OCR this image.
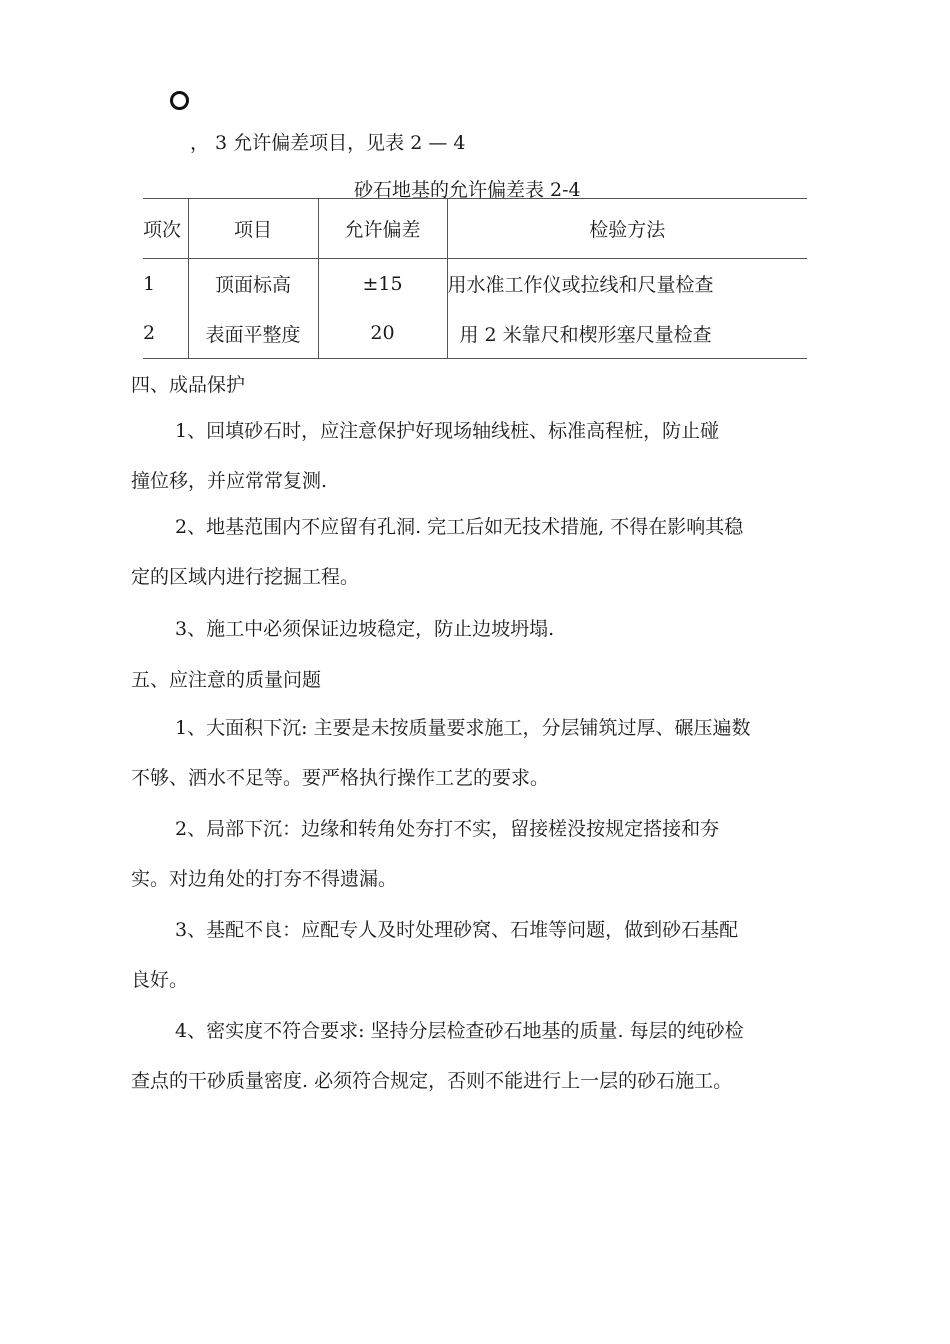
， 3 允许偏差项目，见表 2 — 4
砂石地基的允许偏差表 2-4
项次	项目	允许偏差	检验方法
1	顶面标高	±15	用水准工作仪或拉线和尺量检查
2	表面平整度	20	用 2 米靠尺和楔形塞尺量检查
四、成品保护
1、回填砂石时，应注意保护好现场轴线桩、标准高程桩，防止碰
撞位移，并应常常复测.
2、地基范围内不应留有孔洞. 完工后如无技术措施, 不得在影响其稳
定的区域内进行挖掘工程。
3、施工中必须保证边坡稳定，防止边坡坍塌.
五、应注意的质量问题
1、大面积下沉: 主要是未按质量要求施工，分层铺筑过厚、碾压遍数
不够、洒水不足等。要严格执行操作工艺的要求。
2、局部下沉：边缘和转角处夯打不实，留接槎没按规定搭接和夯
实。对边角处的打夯不得遗漏。
3、基配不良：应配专人及时处理砂窝、石堆等问题，做到砂石基配
良好。
4、密实度不符合要求: 坚持分层检查砂石地基的质量. 每层的纯砂检
查点的干砂质量密度. 必须符合规定，否则不能进行上一层的砂石施工。
